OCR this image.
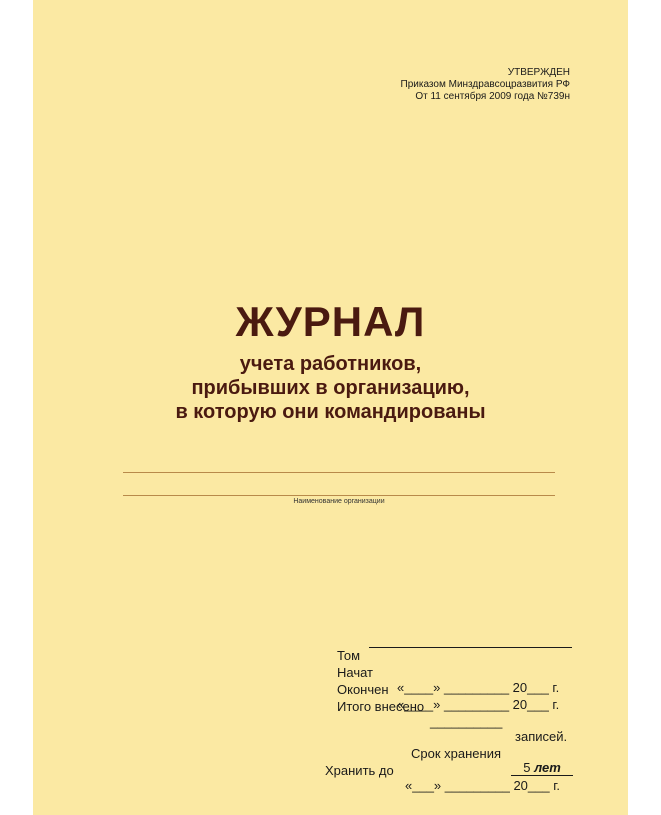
УТВЕРЖДЕН
Приказом Минздравсоцразвития РФ
От 11 сентября 2009 года №739н
ЖУРНАЛ
учета работников,
прибывших в организацию,
в которую они командированы
Наименование организации

Том

Начат

«____» _________ 20___ г.

Окончен

«____» _________ 20___ г.

Итого внесено

__________

записей.

Срок хранения

5 лет

Хранить до

«___» _________ 20___ г.
